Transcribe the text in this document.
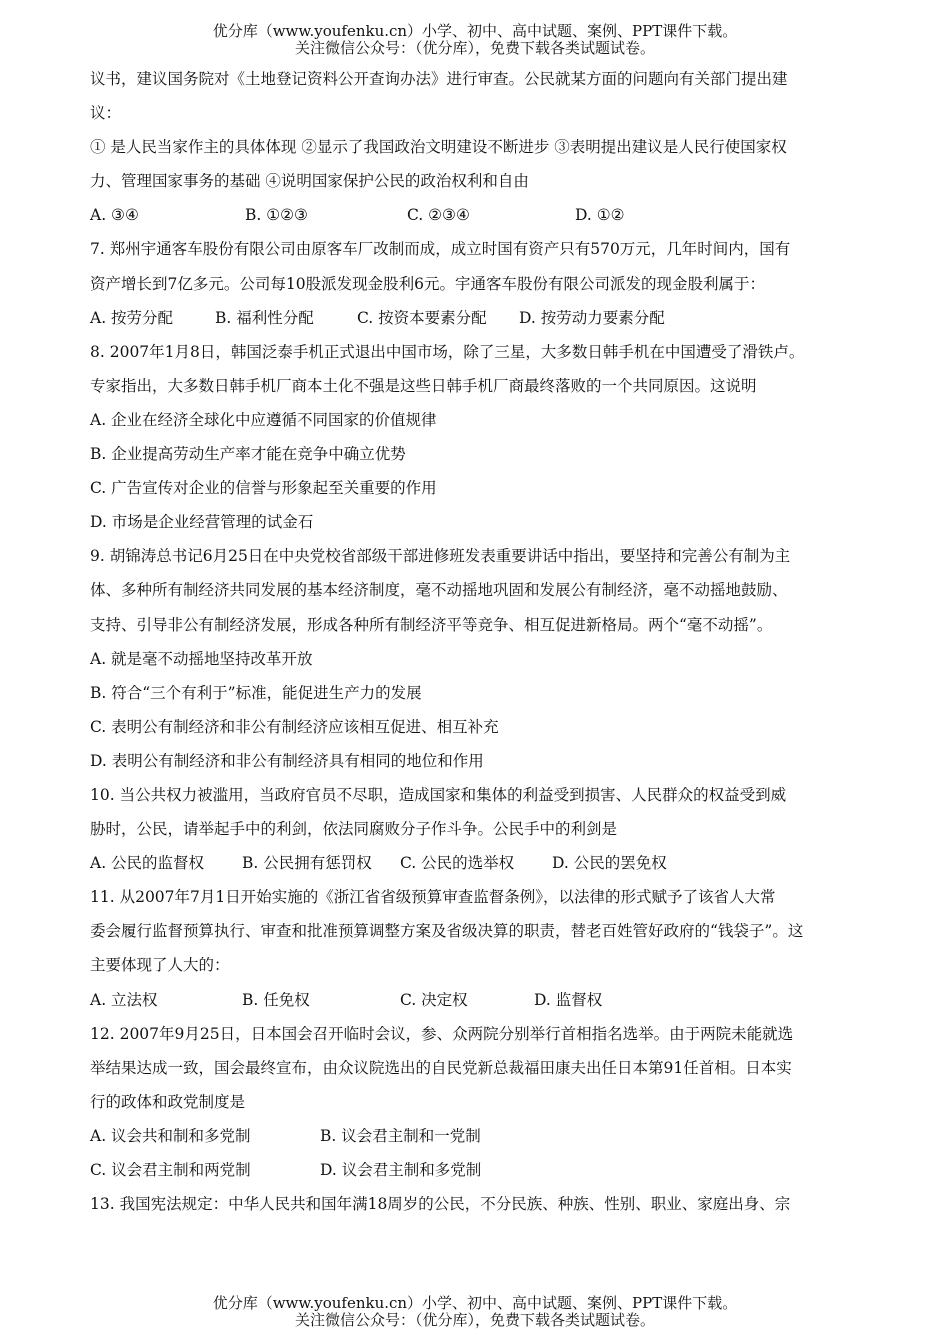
优分库（www.youfenku.cn）小学、初中、高中试题、案例、PPT课件下载。
关注微信公众号：（优分库），免费下载各类试题试卷。
议书，建议国务院对《土地登记资料公开查询办法》进行审查。公民就某方面的问题向有关部门提出建
议：
① 是人民当家作主的具体体现 ②显示了我国政治文明建设不断进步 ③表明提出建议是人民行使国家权
力、管理国家事务的基础 ④说明国家保护公民的政治权利和自由
A. ③④	B. ①②③	C. ②③④	D. ①②
7. 郑州宇通客车股份有限公司由原客车厂改制而成，成立时国有资产只有570万元，几年时间内，国有
资产增长到7亿多元。公司每10股派发现金股利6元。宇通客车股份有限公司派发的现金股利属于：
A. 按劳分配	B. 福利性分配	C. 按资本要素分配	D. 按劳动力要素分配
8. 2007年1月8日，韩国泛泰手机正式退出中国市场，除了三星，大多数日韩手机在中国遭受了滑铁卢。
专家指出，大多数日韩手机厂商本土化不强是这些日韩手机厂商最终落败的一个共同原因。这说明
A. 企业在经济全球化中应遵循不同国家的价值规律
B. 企业提高劳动生产率才能在竞争中确立优势
C. 广告宣传对企业的信誉与形象起至关重要的作用
D. 市场是企业经营管理的试金石
9. 胡锦涛总书记6月25日在中央党校省部级干部进修班发表重要讲话中指出，要坚持和完善公有制为主
体、多种所有制经济共同发展的基本经济制度，毫不动摇地巩固和发展公有制经济，毫不动摇地鼓励、
支持、引导非公有制经济发展，形成各种所有制经济平等竞争、相互促进新格局。两个“毫不动摇”。
A. 就是毫不动摇地坚持改革开放
B. 符合“三个有利于”标准，能促进生产力的发展
C. 表明公有制经济和非公有制经济应该相互促进、相互补充
D. 表明公有制经济和非公有制经济具有相同的地位和作用
10. 当公共权力被滥用，当政府官员不尽职，造成国家和集体的利益受到损害、人民群众的权益受到威
胁时，公民，请举起手中的利剑，依法同腐败分子作斗争。公民手中的利剑是
A. 公民的监督权	B. 公民拥有惩罚权	C. 公民的选举权	D. 公民的罢免权
11. 从2007年7月1日开始实施的《浙江省省级预算审查监督条例》，以法律的形式赋予了该省人大常
委会履行监督预算执行、审查和批准预算调整方案及省级决算的职责，替老百姓管好政府的“钱袋子”。这
主要体现了人大的：
A. 立法权	B. 任免权	C. 决定权	D. 监督权
12. 2007年9月25日，日本国会召开临时会议，参、众两院分别举行首相指名选举。由于两院未能就选
举结果达成一致，国会最终宣布，由众议院选出的自民党新总裁福田康夫出任日本第91任首相。日本实
行的政体和政党制度是
A. 议会共和制和多党制	B. 议会君主制和一党制
C. 议会君主制和两党制	D. 议会君主制和多党制
13. 我国宪法规定：中华人民共和国年满18周岁的公民，不分民族、种族、性别、职业、家庭出身、宗
优分库（www.youfenku.cn）小学、初中、高中试题、案例、PPT课件下载。
关注微信公众号：（优分库），免费下载各类试题试卷。
